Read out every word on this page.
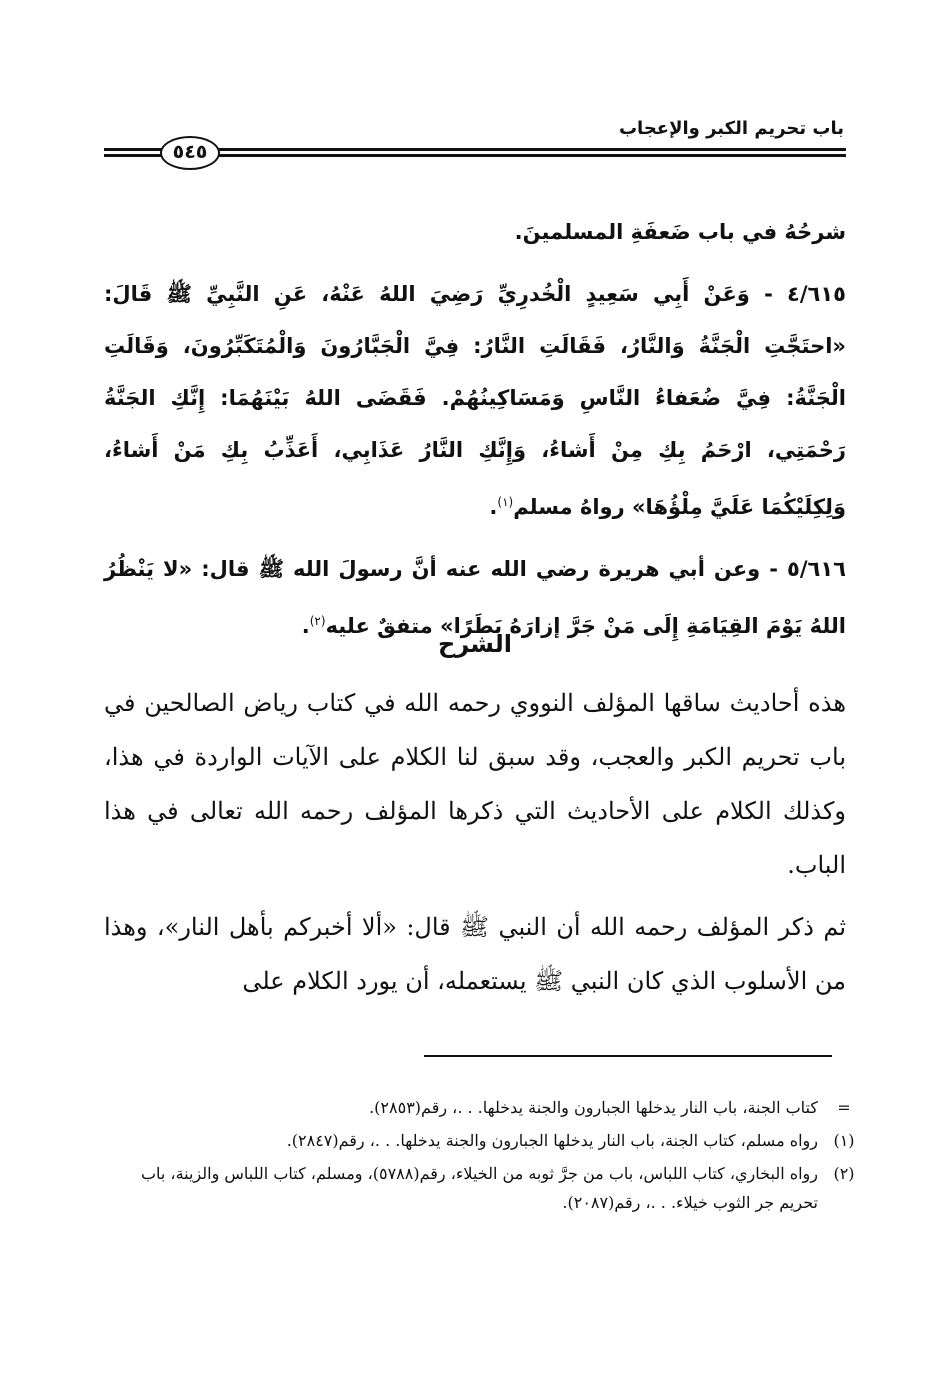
باب تحريم الكبر والإعجاب
٥٤٥

شرحُهُ في باب ضَعفَةِ المسلمينَ.

٤/٦١٥ - وَعَنْ أَبِي سَعِيدٍ الْخُدرِيِّ رَضِيَ اللهُ عَنْهُ، عَنِ النَّبِيِّ ﷺ قَالَ: «احتَجَّتِ الْجَنَّةُ وَالنَّارُ، فَقَالَتِ النَّارُ: فِيَّ الْجَبَّارُونَ وَالْمُتَكَبِّرُونَ، وَقَالَتِ الْجَنَّةُ: فِيَّ ضُعَفاءُ النَّاسِ وَمَسَاكِينُهُمْ. فَقَضَى اللهُ بَيْنَهُمَا: إِنَّكِ الجَنَّةُ رَحْمَتِي، ارْحَمُ بِكِ مِنْ أَشاءُ، وَإِنَّكِ النَّارُ عَذَابِي، أَعَذِّبُ بِكِ مَنْ أَشاءُ، وَلِكِلَيْكُمَا عَلَيَّ مِلْؤُهَا» رواهُ مسلم$^{(١)}$.

٥/٦١٦ - وعن أبي هريرة رضي الله عنه أنَّ رسولَ الله ﷺ قال: «لا يَنْظُرُ اللهُ يَوْمَ القِيَامَةِ إِلَى مَنْ جَرَّ إزارَهُ بَطَرًا» متفقٌ عليه$^{(٢)}$.

الشرح

هذه أحاديث ساقها المؤلف النووي رحمه الله في كتاب رياض الصالحين في باب تحريم الكبر والعجب، وقد سبق لنا الكلام على الآيات الواردة في هذا، وكذلك الكلام على الأحاديث التي ذكرها المؤلف رحمه الله تعالى في هذا الباب.

ثم ذكر المؤلف رحمه الله أن النبي ﷺ قال: «ألا أخبركم بأهل النار»، وهذا من الأسلوب الذي كان النبي ﷺ يستعمله، أن يورد الكلام على

=
كتاب الجنة، باب النار يدخلها الجبارون والجنة يدخلها. . .، رقم(٢٨٥٣).
(١)
رواه مسلم، كتاب الجنة، باب النار يدخلها الجبارون والجنة يدخلها. . .، رقم(٢٨٤٧).
(٢)
رواه البخاري، كتاب اللباس، باب من جرَّ ثوبه من الخيلاء، رقم(٥٧٨٨)، ومسلم، كتاب اللباس والزينة، باب تحريم جر الثوب خيلاء. . .، رقم(٢٠٨٧).
